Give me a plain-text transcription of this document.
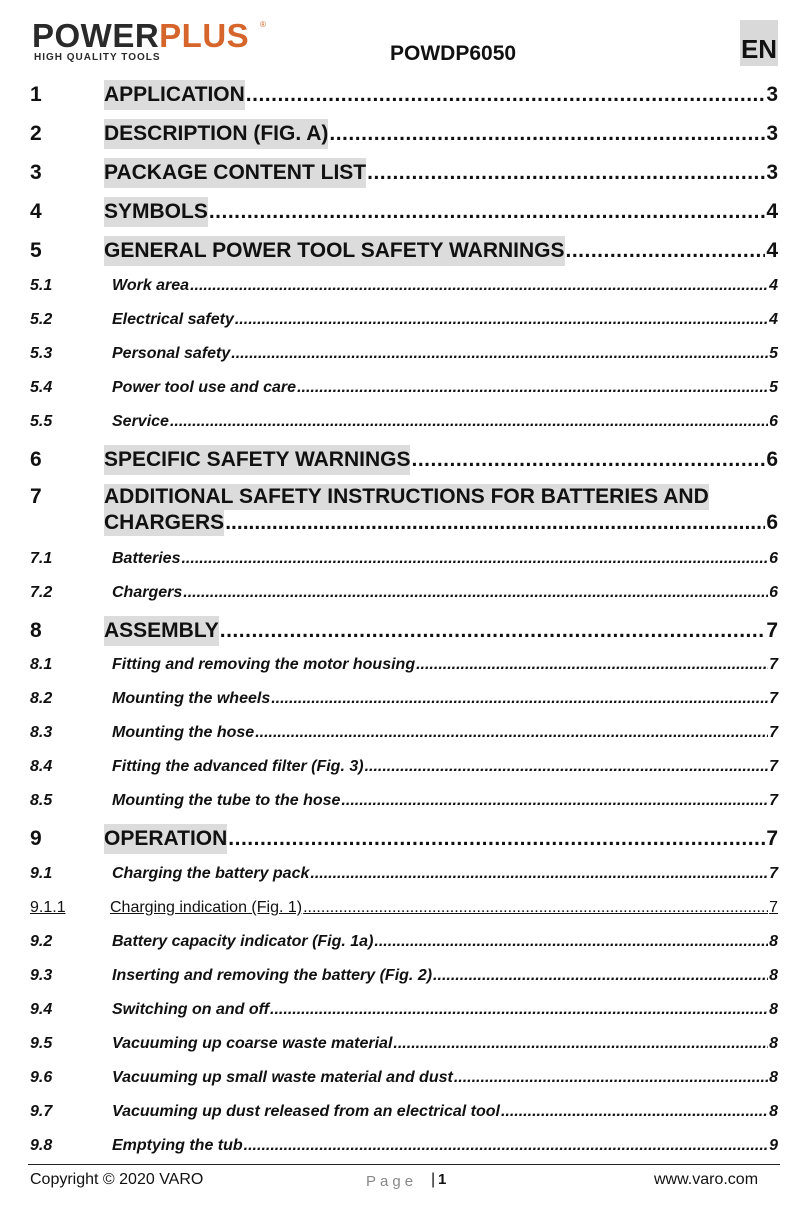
POWERPLUS ®
HIGH QUALITY TOOLS	POWDP6050	EN
1	APPLICATION .....	3
2	DESCRIPTION (FIG. A) .....	3
3	PACKAGE CONTENT LIST .....	3
4	SYMBOLS .....	4
5	GENERAL POWER TOOL SAFETY WARNINGS .....	4
5.1	Work area .....	4
5.2	Electrical safety .....	4
5.3	Personal safety .....	5
5.4	Power tool use and care .....	5
5.5	Service .....	6
6	SPECIFIC SAFETY WARNINGS .....	6
7	ADDITIONAL SAFETY INSTRUCTIONS FOR BATTERIES AND
CHARGERS .....	6
7.1	Batteries .....	6
7.2	Chargers .....	6
8	ASSEMBLY .....	7
8.1	Fitting and removing the motor housing .....	7
8.2	Mounting the wheels .....	7
8.3	Mounting the hose .....	7
8.4	Fitting the advanced filter (Fig. 3) .....	7
8.5	Mounting the tube to the hose .....	7
9	OPERATION .....	7
9.1	Charging the battery pack .....	7
9.1.1	Charging indication (Fig. 1) .....	7
9.2	Battery capacity indicator (Fig. 1a) .....	8
9.3	Inserting and removing the battery (Fig. 2) .....	8
9.4	Switching on and off .....	8
9.5	Vacuuming up coarse waste material .....	8
9.6	Vacuuming up small waste material and dust .....	8
9.7	Vacuuming up dust released from an electrical tool .....	8
9.8	Emptying the tub .....	9
Copyright © 2020 VARO	Page | 1	www.varo.com
